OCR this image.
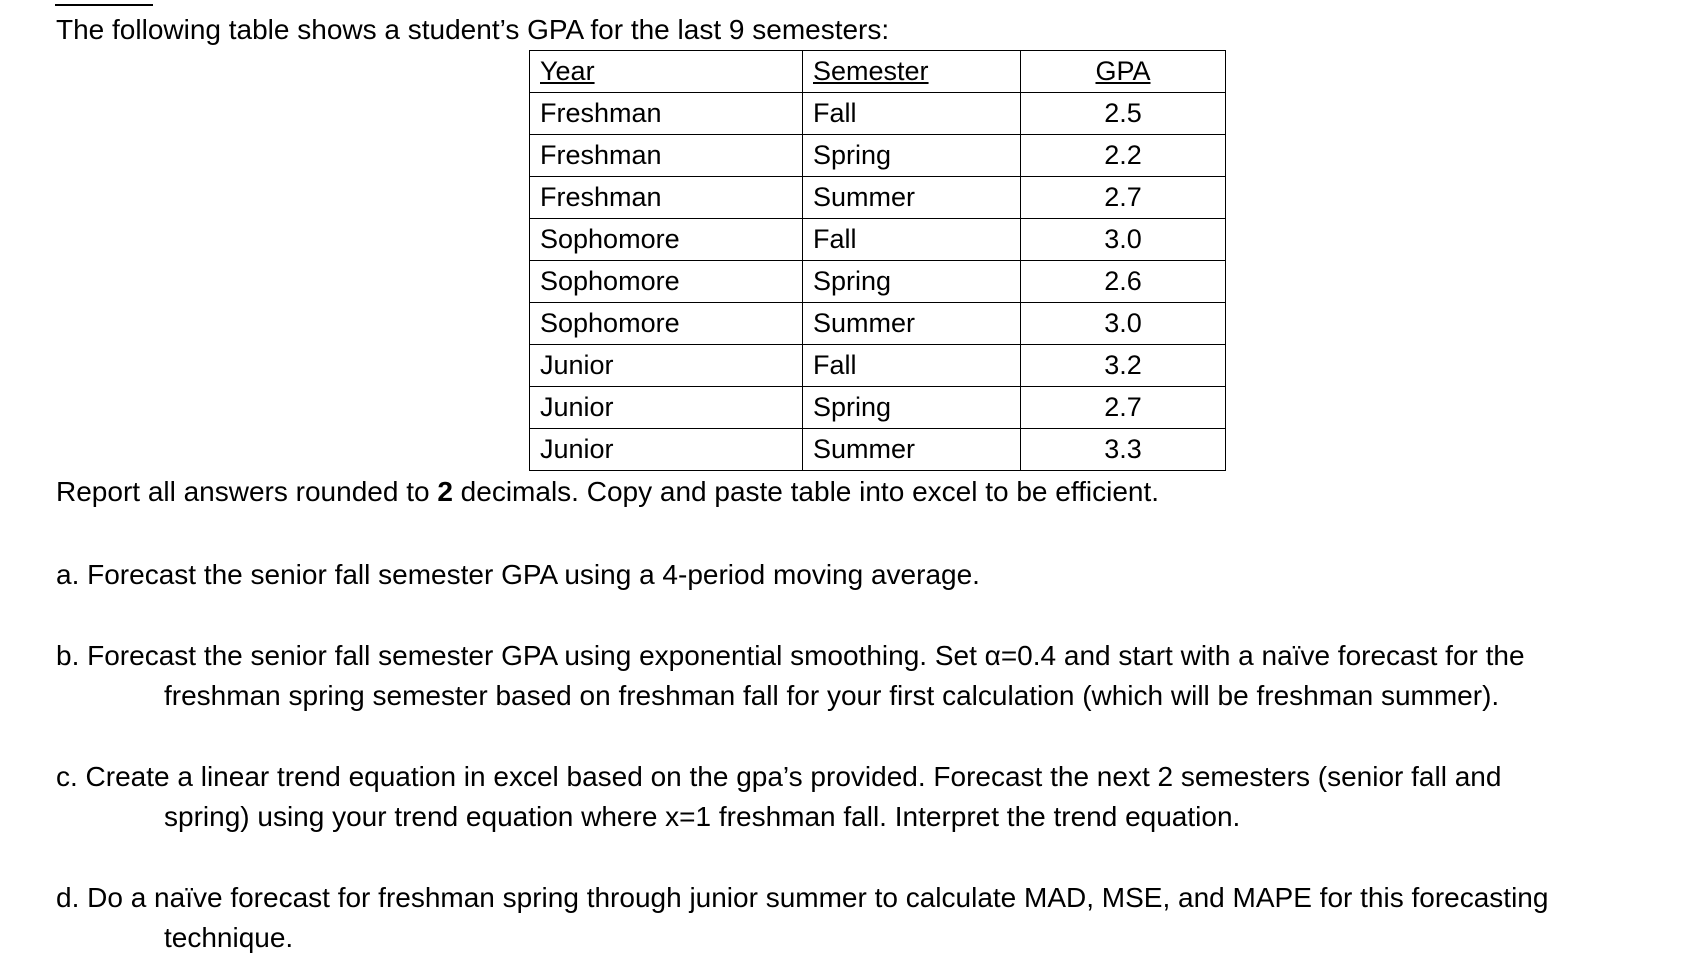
The following table shows a student’s GPA for the last 9 semesters:
Year	Semester	GPA
Freshman	Fall	2.5
Freshman	Spring	2.2
Freshman	Summer	2.7
Sophomore	Fall	3.0
Sophomore	Spring	2.6
Sophomore	Summer	3.0
Junior	Fall	3.2
Junior	Spring	2.7
Junior	Summer	3.3
Report all answers rounded to 2 decimals. Copy and paste table into excel to be efficient.
a. Forecast the senior fall semester GPA using a 4-period moving average.
b. Forecast the senior fall semester GPA using exponential smoothing. Set α=0.4 and start with a naïve forecast for the
freshman spring semester based on freshman fall for your first calculation (which will be freshman summer).
c. Create a linear trend equation in excel based on the gpa’s provided. Forecast the next 2 semesters (senior fall and
spring) using your trend equation where x=1 freshman fall. Interpret the trend equation.
d. Do a naïve forecast for freshman spring through junior summer to calculate MAD, MSE, and MAPE for this forecasting
technique.
